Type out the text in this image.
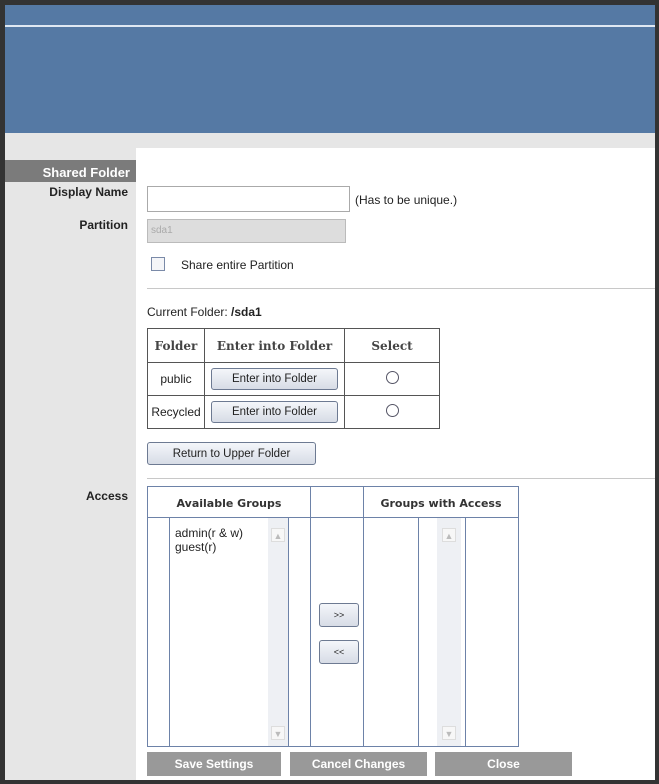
Shared Folder
Display Name
(Has to be unique.)
Partition	sda1
Share entire Partition
Current Folder: /sda1
Folder	Enter into Folder	Select
public	Enter into Folder	
Recycled	Enter into Folder	
Return to Upper Folder
Access
Available Groups	Groups with Access
admin(r & w)
guest(r)
▲
▼
▲
▼
>>
<<
Save Settings	Cancel Changes	Close
